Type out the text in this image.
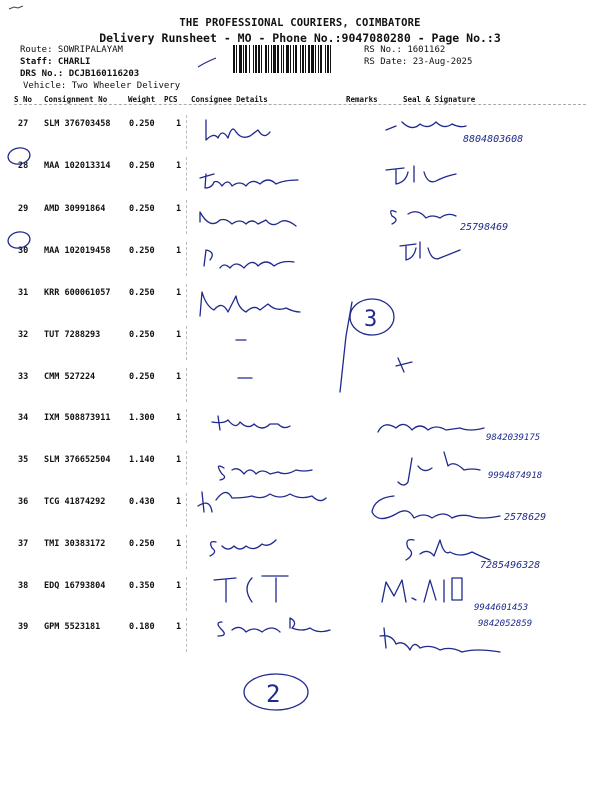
THE PROFESSIONAL COURIERS, COIMBATORE
Delivery Runsheet - MO - Phone No.:9047080280 - Page No.:3
Route: SOWRIPALAYAM
Staff: CHARLI
DRS No.: DCJB160116203
Vehicle: Two Wheeler Delivery
RS No.: 1601162
RS Date: 23-Aug-2025
S No Consignment No	Weight PCS Consignee Details	Remarks	Seal & Signature
27 SLM 376703458 0.250	1
28 MAA 102013314 0.250	1
29 AMD 30991864	0.250	1
30 MAA 102019458 0.250	1
31 KRR 600061057 0.250	1
32 TUT 7288293	0.250	1
33 CMM 527224	0.250	1
34 IXM 508873911 1.300	1
35 SLM 376652504 1.140	1
36 TCG 41874292	0.430	1
37 TMI 30383172	0.250	1
38 EDQ 16793804	0.350	1
39 GPM 5523181	0.180	1
8804803608
25798469
9842039175
9994874918
2578629
7285496328
9944601453
9842052859
3
2
